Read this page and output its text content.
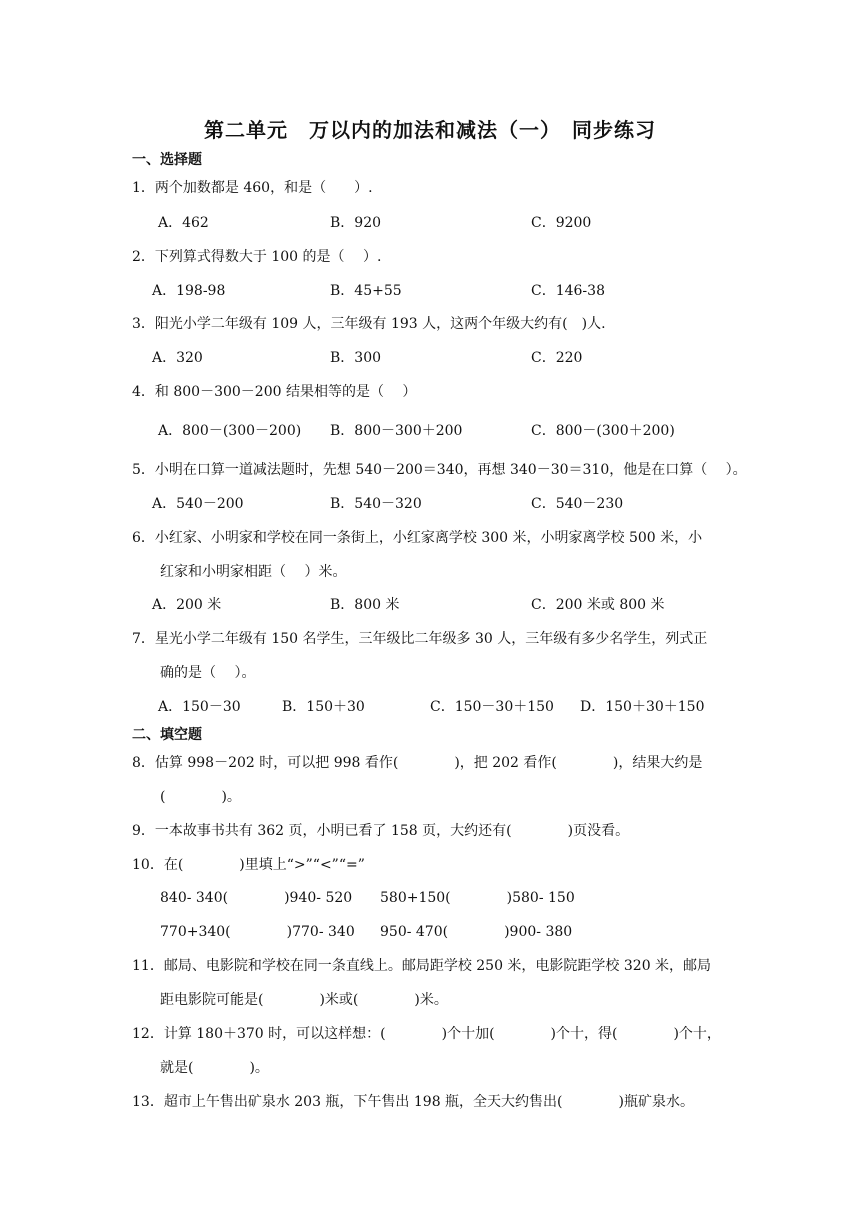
第二单元　万以内的加法和减法（一）　同步练习
一、选择题
1．两个加数都是 460，和是（　　）.
A．462	B．920	C．9200
2．下列算式得数大于 100 的是（　 ）.
A．198-98	B．45+55	C．146-38
3．阳光小学二年级有 109 人，三年级有 193 人，这两个年级大约有(　)人.
A．320	B．300	C．220
4．和 800－300－200 结果相等的是（　 ）
A．800－(300－200) B．800－300＋200	C．800－(300＋200)
5．小明在口算一道减法题时，先想 540－200＝340，再想 340－30＝310，他是在口算（　 ）。
A．540－200	B．540－320	C．540－230
6．小红家、小明家和学校在同一条街上，小红家离学校 300 米，小明家离学校 500 米，小
红家和小明家相距（　 ）米。
A．200 米	B．800 米	C．200 米或 800 米
7．星光小学二年级有 150 名学生，三年级比二年级多 30 人，三年级有多少名学生，列式正
确的是（　 ）。
A．150－30	B．150＋30	C．150－30＋150 D．150＋30＋150
二、填空题
8．估算 998－202 时，可以把 998 看作(　　　　)，把 202 看作(　　　　)，结果大约是
(　　　　)。
9．一本故事书共有 362 页，小明已看了 158 页，大约还有(　　　　)页没看。
10．在(　　　　)里填上“>”“<”“=”
840- 340(　　　　)940- 520 580+150(　　　　)580- 150
770+340(　　　　)770- 340 950- 470(　　　　)900- 380
11．邮局、电影院和学校在同一条直线上。邮局距学校 250 米，电影院距学校 320 米，邮局
距电影院可能是(　　　　)米或(　　　　)米。
12．计算 180＋370 时，可以这样想：(　　　　)个十加(　　　　)个十，得(　　　　)个十，
就是(　　　　)。
13．超市上午售出矿泉水 203 瓶，下午售出 198 瓶，全天大约售出(　　　　)瓶矿泉水。
